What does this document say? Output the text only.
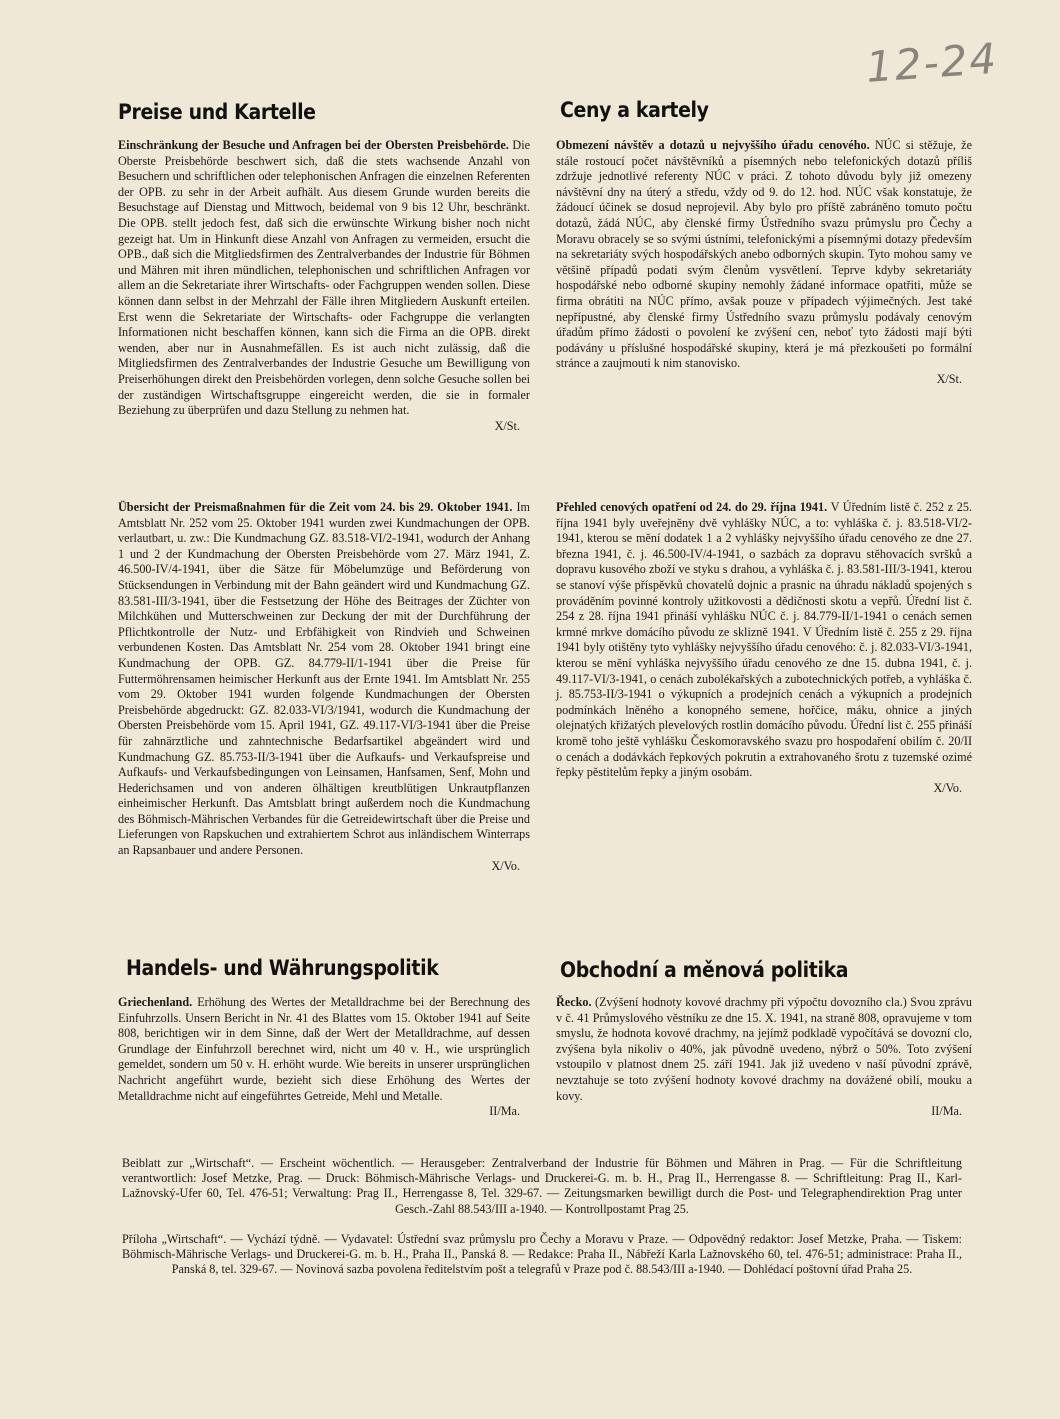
12-24
Preise und Kartelle

Einschränkung der Besuche und Anfragen bei der Obersten Preisbehörde. Die Oberste Preisbehörde beschwert sich, daß die stets wachsende Anzahl von Besuchern und schriftlichen oder telephonischen Anfragen die einzelnen Referenten der OPB. zu sehr in der Arbeit aufhält. Aus diesem Grunde wurden bereits die Besuchstage auf Dienstag und Mittwoch, beidemal von 9 bis 12 Uhr, beschränkt. Die OPB. stellt jedoch fest, daß sich die erwünschte Wirkung bisher noch nicht gezeigt hat. Um in Hinkunft diese Anzahl von Anfragen zu vermeiden, ersucht die OPB., daß sich die Mitgliedsfirmen des Zentralverbandes der Industrie für Böhmen und Mähren mit ihren mündlichen, telephonischen und schriftlichen Anfragen vor allem an die Sekretariate ihrer Wirtschafts- oder Fachgruppen wenden sollen. Diese können dann selbst in der Mehrzahl der Fälle ihren Mitgliedern Auskunft erteilen. Erst wenn die Sekretariate der Wirtschafts- oder Fachgruppe die verlangten Informationen nicht beschaffen können, kann sich die Firma an die OPB. direkt wenden, aber nur in Ausnahmefällen. Es ist auch nicht zulässig, daß die Mitgliedsfirmen des Zentralverbandes der Industrie Gesuche um Bewilligung von Preiserhöhungen direkt den Preisbehörden vorlegen, denn solche Gesuche sollen bei der zuständigen Wirtschaftsgruppe eingereicht werden, die sie in formaler Beziehung zu überprüfen und dazu Stellung zu nehmen hat.
X/St.

Übersicht der Preismaßnahmen für die Zeit vom 24. bis 29. Oktober 1941. Im Amtsblatt Nr. 252 vom 25. Oktober 1941 wurden zwei Kundmachungen der OPB. verlautbart, u. zw.: Die Kundmachung GZ. 83.518-VI/2-1941, wodurch der Anhang 1 und 2 der Kundmachung der Obersten Preisbehörde vom 27. März 1941, Z. 46.500-IV/4-1941, über die Sätze für Möbelumzüge und Beförderung von Stücksendungen in Verbindung mit der Bahn geändert wird und Kundmachung GZ. 83.581-III/3-1941, über die Festsetzung der Höhe des Beitrages der Züchter von Milchkühen und Mutterschweinen zur Deckung der mit der Durchführung der Pflichtkontrolle der Nutz- und Erbfähigkeit von Rindvieh und Schweinen verbundenen Kosten. Das Amtsblatt Nr. 254 vom 28. Oktober 1941 bringt eine Kundmachung der OPB. GZ. 84.779-II/1-1941 über die Preise für Futtermöhrensamen heimischer Herkunft aus der Ernte 1941. Im Amtsblatt Nr. 255 vom 29. Oktober 1941 wurden folgende Kundmachungen der Obersten Preisbehörde abgedruckt: GZ. 82.033-VI/3/1941, wodurch die Kundmachung der Obersten Preisbehörde vom 15. April 1941, GZ. 49.117-VI/3-1941 über die Preise für zahnärztliche und zahntechnische Bedarfsartikel abgeändert wird und Kundmachung GZ. 85.753-II/3-1941 über die Aufkaufs- und Verkaufspreise und Aufkaufs- und Verkaufsbedingungen von Leinsamen, Hanfsamen, Senf, Mohn und Hederichsamen und von anderen ölhältigen kreutblütigen Unkrautpflanzen einheimischer Herkunft. Das Amtsblatt bringt außerdem noch die Kundmachung des Böhmisch-Mährischen Verbandes für die Getreidewirtschaft über die Preise und Lieferungen von Rapskuchen und extrahiertem Schrot aus inländischem Winterraps an Rapsanbauer und andere Personen.
X/Vo.

Handels- und Währungspolitik

Griechenland. Erhöhung des Wertes der Metalldrachme bei der Berechnung des Einfuhrzolls. Unsern Bericht in Nr. 41 des Blattes vom 15. Oktober 1941 auf Seite 808, berichtigen wir in dem Sinne, daß der Wert der Metalldrachme, auf dessen Grundlage der Einfuhrzoll berechnet wird, nicht um 40 v. H., wie ursprünglich gemeldet, sondern um 50 v. H. erhöht wurde. Wie bereits in unserer ursprünglichen Nachricht angeführt wurde, bezieht sich diese Erhöhung des Wertes der Metalldrachme nicht auf eingeführtes Getreide, Mehl und Metalle.
II/Ma.

Ceny a kartely

Obmezení návštěv a dotazů u nejvyššího úřadu cenového. NÚC si stěžuje, že stále rostoucí počet návštěvníků a písemných nebo telefonických dotazů příliš zdržuje jednotlivé referenty NÚC v práci. Z tohoto důvodu byly již omezeny návštěvní dny na úterý a středu, vždy od 9. do 12. hod. NÚC však konstatuje, že žádoucí účinek se dosud neprojevil. Aby bylo pro příště zabráněno tomuto počtu dotazů, žádá NÚC, aby členské firmy Ústředního svazu průmyslu pro Čechy a Moravu obracely se so svými ústními, telefonickými a písemnými dotazy především na sekretariáty svých hospodářských anebo odborných skupin. Tyto mohou samy ve většině případů podati svým členům vysvětlení. Teprve kdyby sekretariáty hospodářské nebo odborné skupiny nemohly žádané informace opatřiti, může se firma obrátiti na NÚC přímo, avšak pouze v případech výjimečných. Jest také nepřípustné, aby členské firmy Ústředního svazu průmyslu podávaly cenovým úřadům přímo žádosti o povolení ke zvýšení cen, neboť tyto žádosti mají býti podávány u příslušné hospodářské skupiny, která je má přezkoušeti po formální stránce a zaujmouti k nim stanovisko.
X/St.

Přehled cenových opatření od 24. do 29. října 1941. V Úředním listě č. 252 z 25. října 1941 byly uveřejněny dvě vyhlášky NÚC, a to: vyhláška č. j. 83.518-VI/2-1941, kterou se mění dodatek 1 a 2 vyhlášky nejvyššího úřadu cenového ze dne 27. března 1941, č. j. 46.500-IV/4-1941, o sazbách za dopravu stěhovacích svršků a dopravu kusového zboží ve styku s drahou, a vyhláška č. j. 83.581-III/3-1941, kterou se stanoví výše příspěvků chovatelů dojnic a prasnic na úhradu nákladů spojených s prováděním povinné kontroly užitkovosti a dědičnosti skotu a vepřů. Úřední list č. 254 z 28. října 1941 přináší vyhlášku NÚC č. j. 84.779-II/1-1941 o cenách semen krmné mrkve domácího původu ze sklizně 1941. V Úředním listě č. 255 z 29. října 1941 byly otištěny tyto vyhlášky nejvyššího úřadu cenového: č. j. 82.033-VI/3-1941, kterou se mění vyhláška nejvyššího úřadu cenového ze dne 15. dubna 1941, č. j. 49.117-VI/3-1941, o cenách zubolékařských a zubotechnických potřeb, a vyhláška č. j. 85.753-II/3-1941 o výkupních a prodejních cenách a výkupních a prodejních podmínkách lněného a konopného semene, hořčice, máku, ohnice a jiných olejnatých křižatých plevelových rostlin domácího původu. Úřední list č. 255 přináší kromě toho ještě vyhlášku Českomoravského svazu pro hospodaření obilím č. 20/II o cenách a dodávkách řepkových pokrutin a extrahovaného šrotu z tuzemské ozimé řepky pěstitelům řepky a jiným osobám.
X/Vo.

Obchodní a měnová politika

Řecko. (Zvýšení hodnoty kovové drachmy při výpočtu dovozního cla.) Svou zprávu v č. 41 Průmyslového věstníku ze dne 15. X. 1941, na straně 808, opravujeme v tom smyslu, že hodnota kovové drachmy, na jejímž podkladě vypočítává se dovozní clo, zvýšena byla nikoliv o 40%, jak původně uvedeno, nýbrž o 50%. Toto zvýšení vstoupilo v platnost dnem 25. září 1941. Jak již uvedeno v naší původní zprávě, nevztahuje se toto zvýšení hodnoty kovové drachmy na dovážené obilí, mouku a kovy.
II/Ma.

Beiblatt zur „Wirtschaft“. — Erscheint wöchentlich. — Herausgeber: Zentralverband der Industrie für Böhmen und Mähren in Prag. — Für die Schriftleitung verantwortlich: Josef Metzke, Prag. — Druck: Böhmisch-Mährische Verlags- und Druckerei-G. m. b. H., Prag II., Herrengasse 8. — Schriftleitung: Prag II., Karl-Lažnovský-Ufer 60, Tel. 476-51; Verwaltung: Prag II., Herrengasse 8, Tel. 329-67. — Zeitungsmarken bewilligt durch die Post- und Telegraphendirektion Prag unter Gesch.-Zahl 88.543/III a-1940. — Kontrollpostamt Prag 25.

Příloha „Wirtschaft“. — Vychází týdně. — Vydavatel: Ústřední svaz průmyslu pro Čechy a Moravu v Praze. — Odpovědný redaktor: Josef Metzke, Praha. — Tiskem: Böhmisch-Mährische Verlags- und Druckerei-G. m. b. H., Praha II., Panská 8. — Redakce: Praha II., Nábřeží Karla Lažnovského 60, tel. 476-51; administrace: Praha II., Panská 8, tel. 329-67. — Novinová sazba povolena ředitelstvím pošt a telegrafů v Praze pod č. 88.543/III a-1940. — Dohlédací poštovní úřad Praha 25.
